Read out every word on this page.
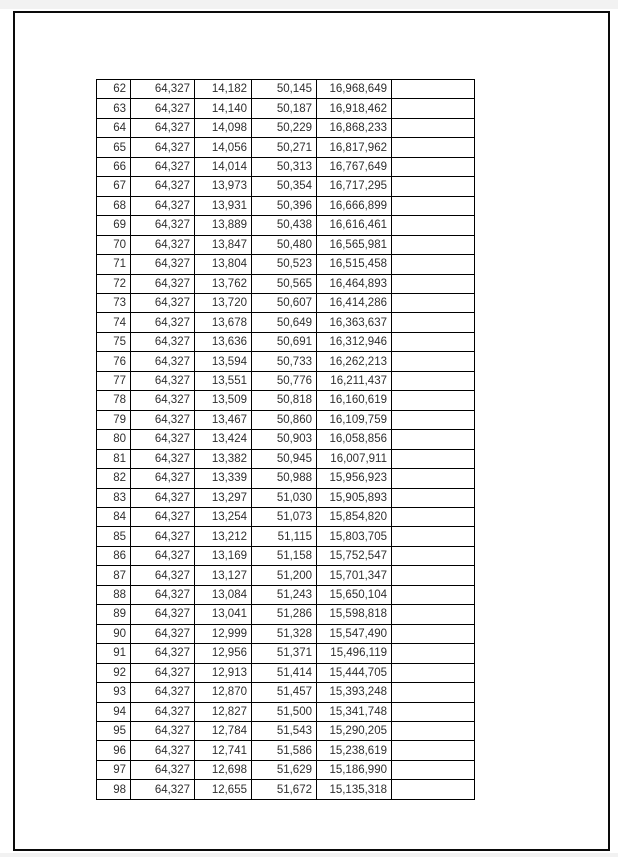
62	64,327	14,182	50,145	16,968,649	
63	64,327	14,140	50,187	16,918,462	
64	64,327	14,098	50,229	16,868,233	
65	64,327	14,056	50,271	16,817,962	
66	64,327	14,014	50,313	16,767,649	
67	64,327	13,973	50,354	16,717,295	
68	64,327	13,931	50,396	16,666,899	
69	64,327	13,889	50,438	16,616,461	
70	64,327	13,847	50,480	16,565,981	
71	64,327	13,804	50,523	16,515,458	
72	64,327	13,762	50,565	16,464,893	
73	64,327	13,720	50,607	16,414,286	
74	64,327	13,678	50,649	16,363,637	
75	64,327	13,636	50,691	16,312,946	
76	64,327	13,594	50,733	16,262,213	
77	64,327	13,551	50,776	16,211,437	
78	64,327	13,509	50,818	16,160,619	
79	64,327	13,467	50,860	16,109,759	
80	64,327	13,424	50,903	16,058,856	
81	64,327	13,382	50,945	16,007,911	
82	64,327	13,339	50,988	15,956,923	
83	64,327	13,297	51,030	15,905,893	
84	64,327	13,254	51,073	15,854,820	
85	64,327	13,212	51,115	15,803,705	
86	64,327	13,169	51,158	15,752,547	
87	64,327	13,127	51,200	15,701,347	
88	64,327	13,084	51,243	15,650,104	
89	64,327	13,041	51,286	15,598,818	
90	64,327	12,999	51,328	15,547,490	
91	64,327	12,956	51,371	15,496,119	
92	64,327	12,913	51,414	15,444,705	
93	64,327	12,870	51,457	15,393,248	
94	64,327	12,827	51,500	15,341,748	
95	64,327	12,784	51,543	15,290,205	
96	64,327	12,741	51,586	15,238,619	
97	64,327	12,698	51,629	15,186,990	
98	64,327	12,655	51,672	15,135,318	
